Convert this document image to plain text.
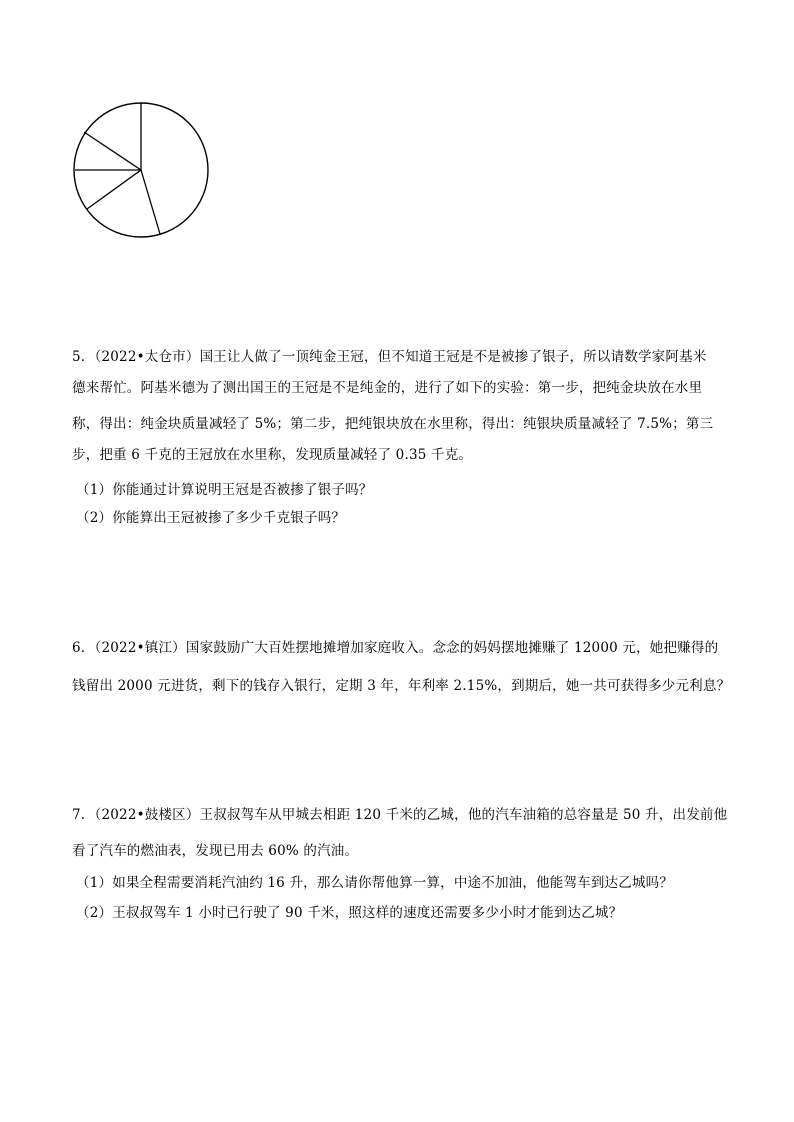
5．（2022•太仓市）国王让人做了一顶纯金王冠，但不知道王冠是不是被掺了银子，所以请数学家阿基米
德来帮忙。阿基米德为了测出国王的王冠是不是纯金的，进行了如下的实验：第一步，把纯金块放在水里
称，得出：纯金块质量减轻了 5%；第二步，把纯银块放在水里称，得出：纯银块质量减轻了 7.5%；第三
步，把重 6 千克的王冠放在水里称，发现质量减轻了 0.35 千克。
（1）你能通过计算说明王冠是否被掺了银子吗？
（2）你能算出王冠被掺了多少千克银子吗？
6．（2022•镇江）国家鼓励广大百姓摆地摊增加家庭收入。念念的妈妈摆地摊赚了 12000 元，她把赚得的
钱留出 2000 元进货，剩下的钱存入银行，定期 3 年，年利率 2.15%，到期后，她一共可获得多少元利息？
7．（2022•鼓楼区）王叔叔驾车从甲城去相距 120 千米的乙城，他的汽车油箱的总容量是 50 升，出发前他
看了汽车的燃油表，发现已用去 60% 的汽油。
（1）如果全程需要消耗汽油约 16 升，那么请你帮他算一算，中途不加油，他能驾车到达乙城吗？
（2）王叔叔驾车 1 小时已行驶了 90 千米，照这样的速度还需要多少小时才能到达乙城？
